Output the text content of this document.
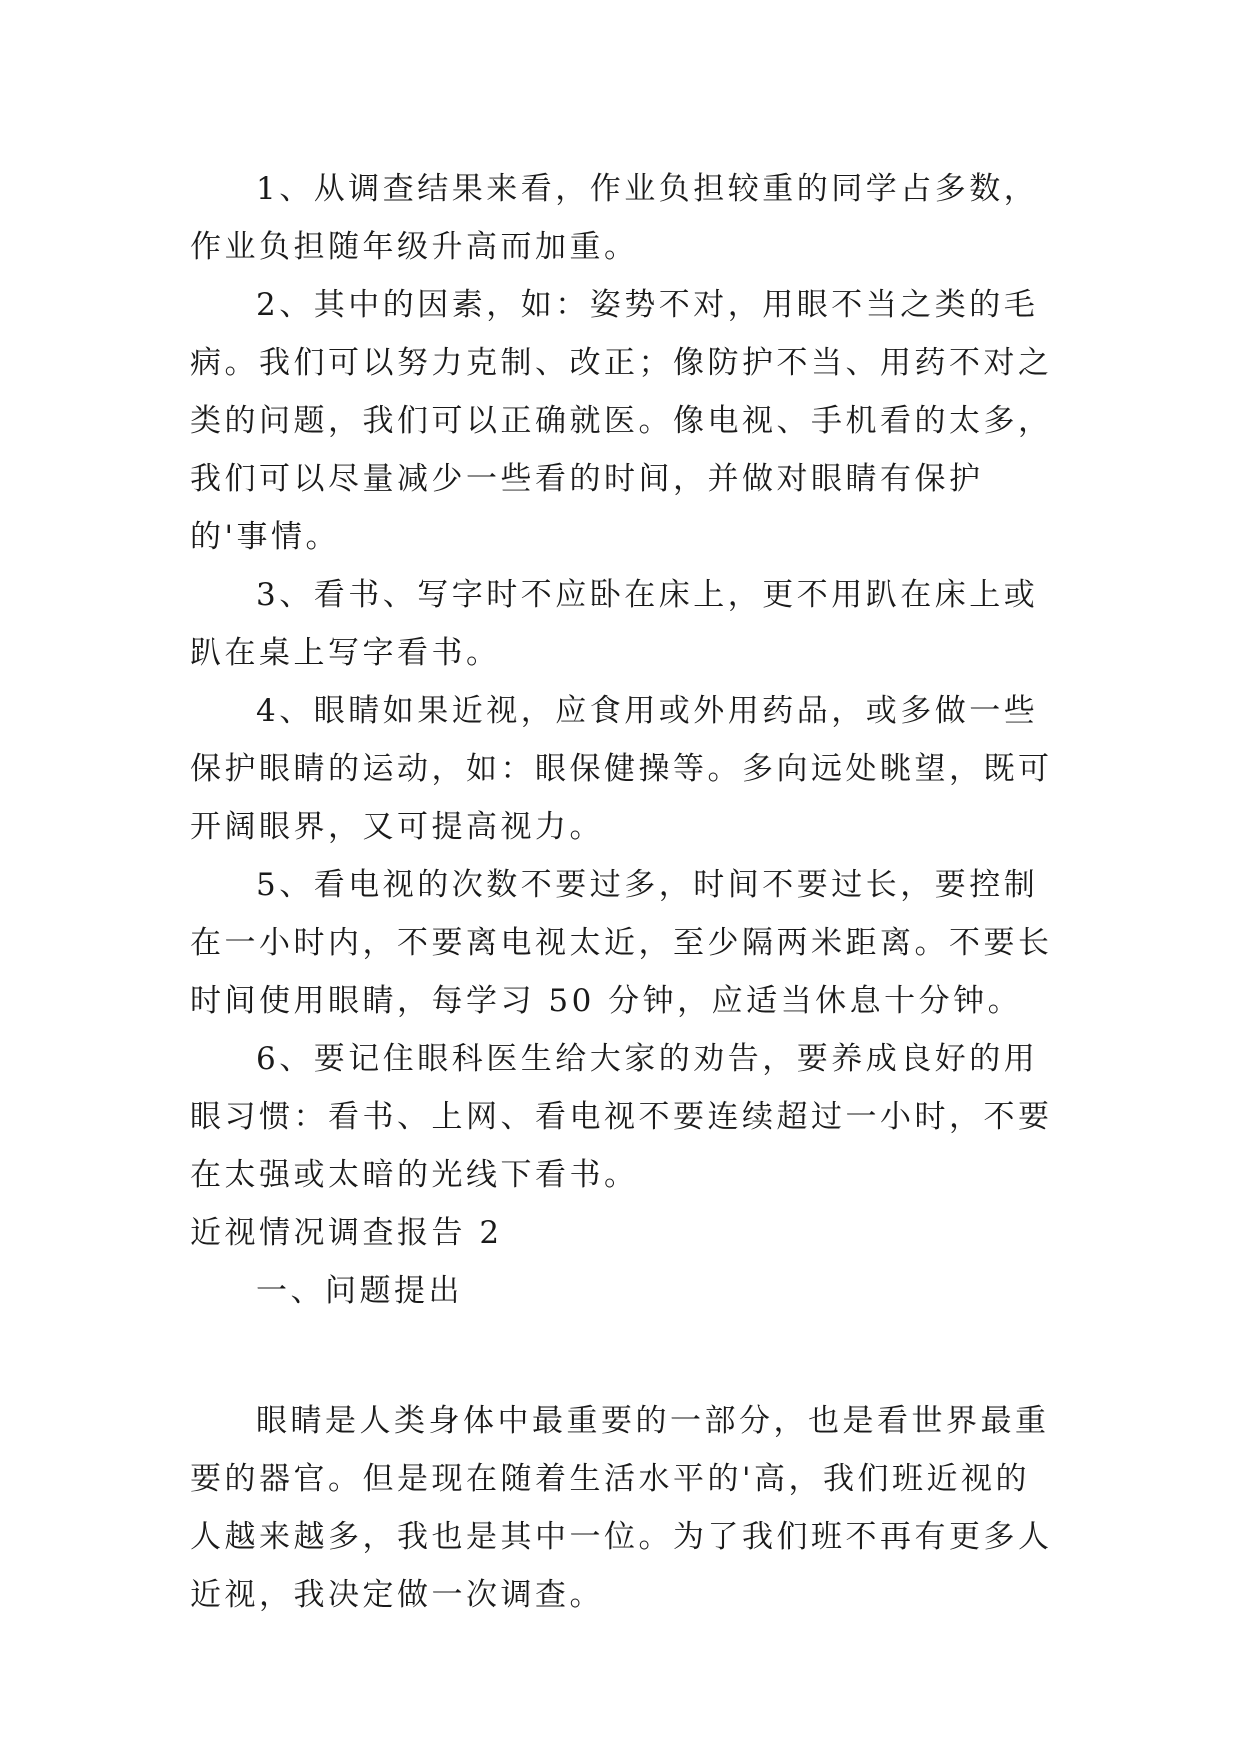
1、从调查结果来看，作业负担较重的同学占多数，作业负担随年级升高而加重。

2、其中的因素，如：姿势不对，用眼不当之类的毛病。我们可以努力克制、改正；像防护不当、用药不对之类的问题，我们可以正确就医。像电视、手机看的太多，我们可以尽量减少一些看的时间，并做对眼睛有保护的'事情。

3、看书、写字时不应卧在床上，更不用趴在床上或趴在桌上写字看书。

4、眼睛如果近视，应食用或外用药品，或多做一些保护眼睛的运动，如：眼保健操等。多向远处眺望，既可开阔眼界，又可提高视力。

5、看电视的次数不要过多，时间不要过长，要控制在一小时内，不要离电视太近，至少隔两米距离。不要长时间使用眼睛，每学习 50 分钟，应适当休息十分钟。

6、要记住眼科医生给大家的劝告，要养成良好的用眼习惯：看书、上网、看电视不要连续超过一小时，不要在太强或太暗的光线下看书。

近视情况调查报告 2

一、问题提出

眼睛是人类身体中最重要的一部分，也是看世界最重要的器官。但是现在随着生活水平的'高，我们班近视的人越来越多，我也是其中一位。为了我们班不再有更多人近视，我决定做一次调查。
